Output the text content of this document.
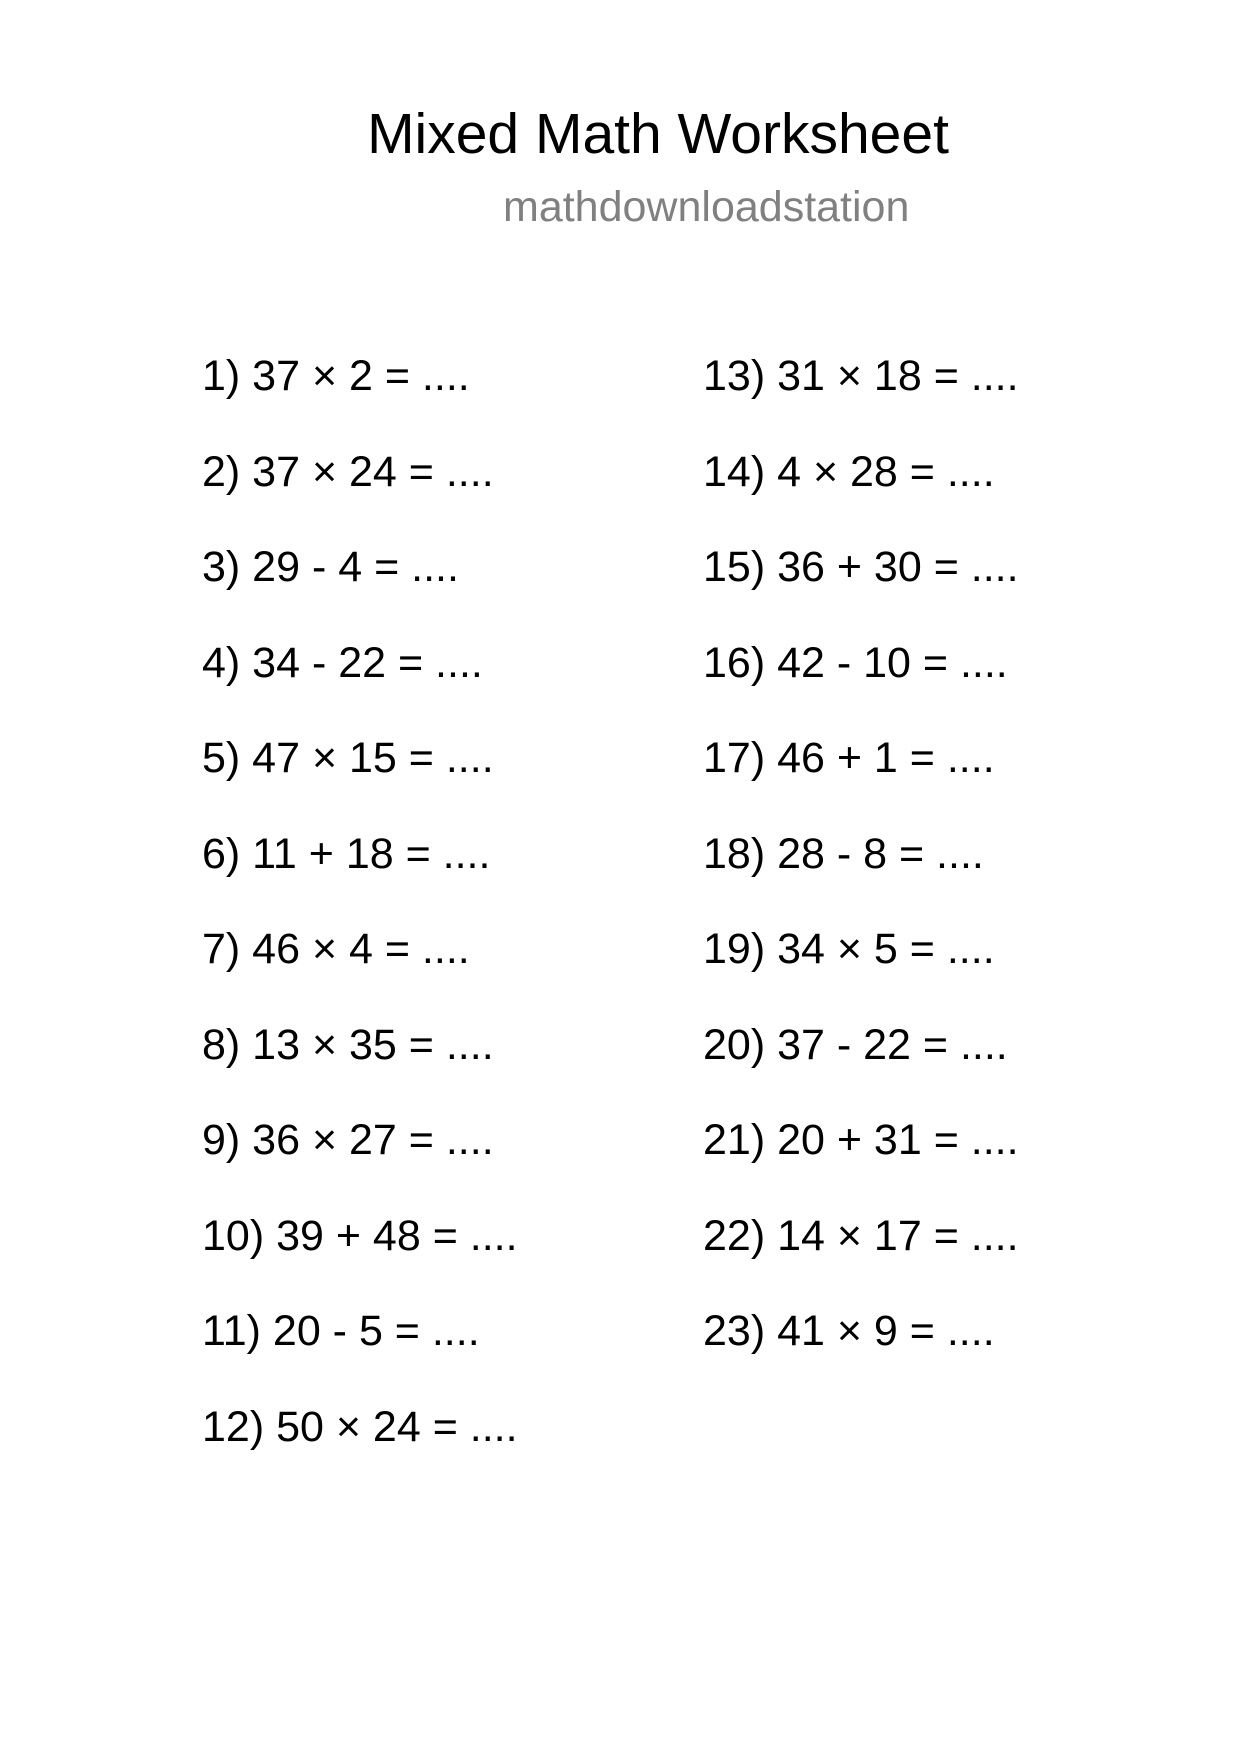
Mixed Math Worksheet
mathdownloadstation
1) 37 × 2 = ....
2) 37 × 24 = ....
3) 29 - 4 = ....
4) 34 - 22 = ....
5) 47 × 15 = ....
6) 11 + 18 = ....
7) 46 × 4 = ....
8) 13 × 35 = ....
9) 36 × 27 = ....
10) 39 + 48 = ....
11) 20 - 5 = ....
12) 50 × 24 = ....
13) 31 × 18 = ....
14) 4 × 28 = ....
15) 36 + 30 = ....
16) 42 - 10 = ....
17) 46 + 1 = ....
18) 28 - 8 = ....
19) 34 × 5 = ....
20) 37 - 22 = ....
21) 20 + 31 = ....
22) 14 × 17 = ....
23) 41 × 9 = ....
